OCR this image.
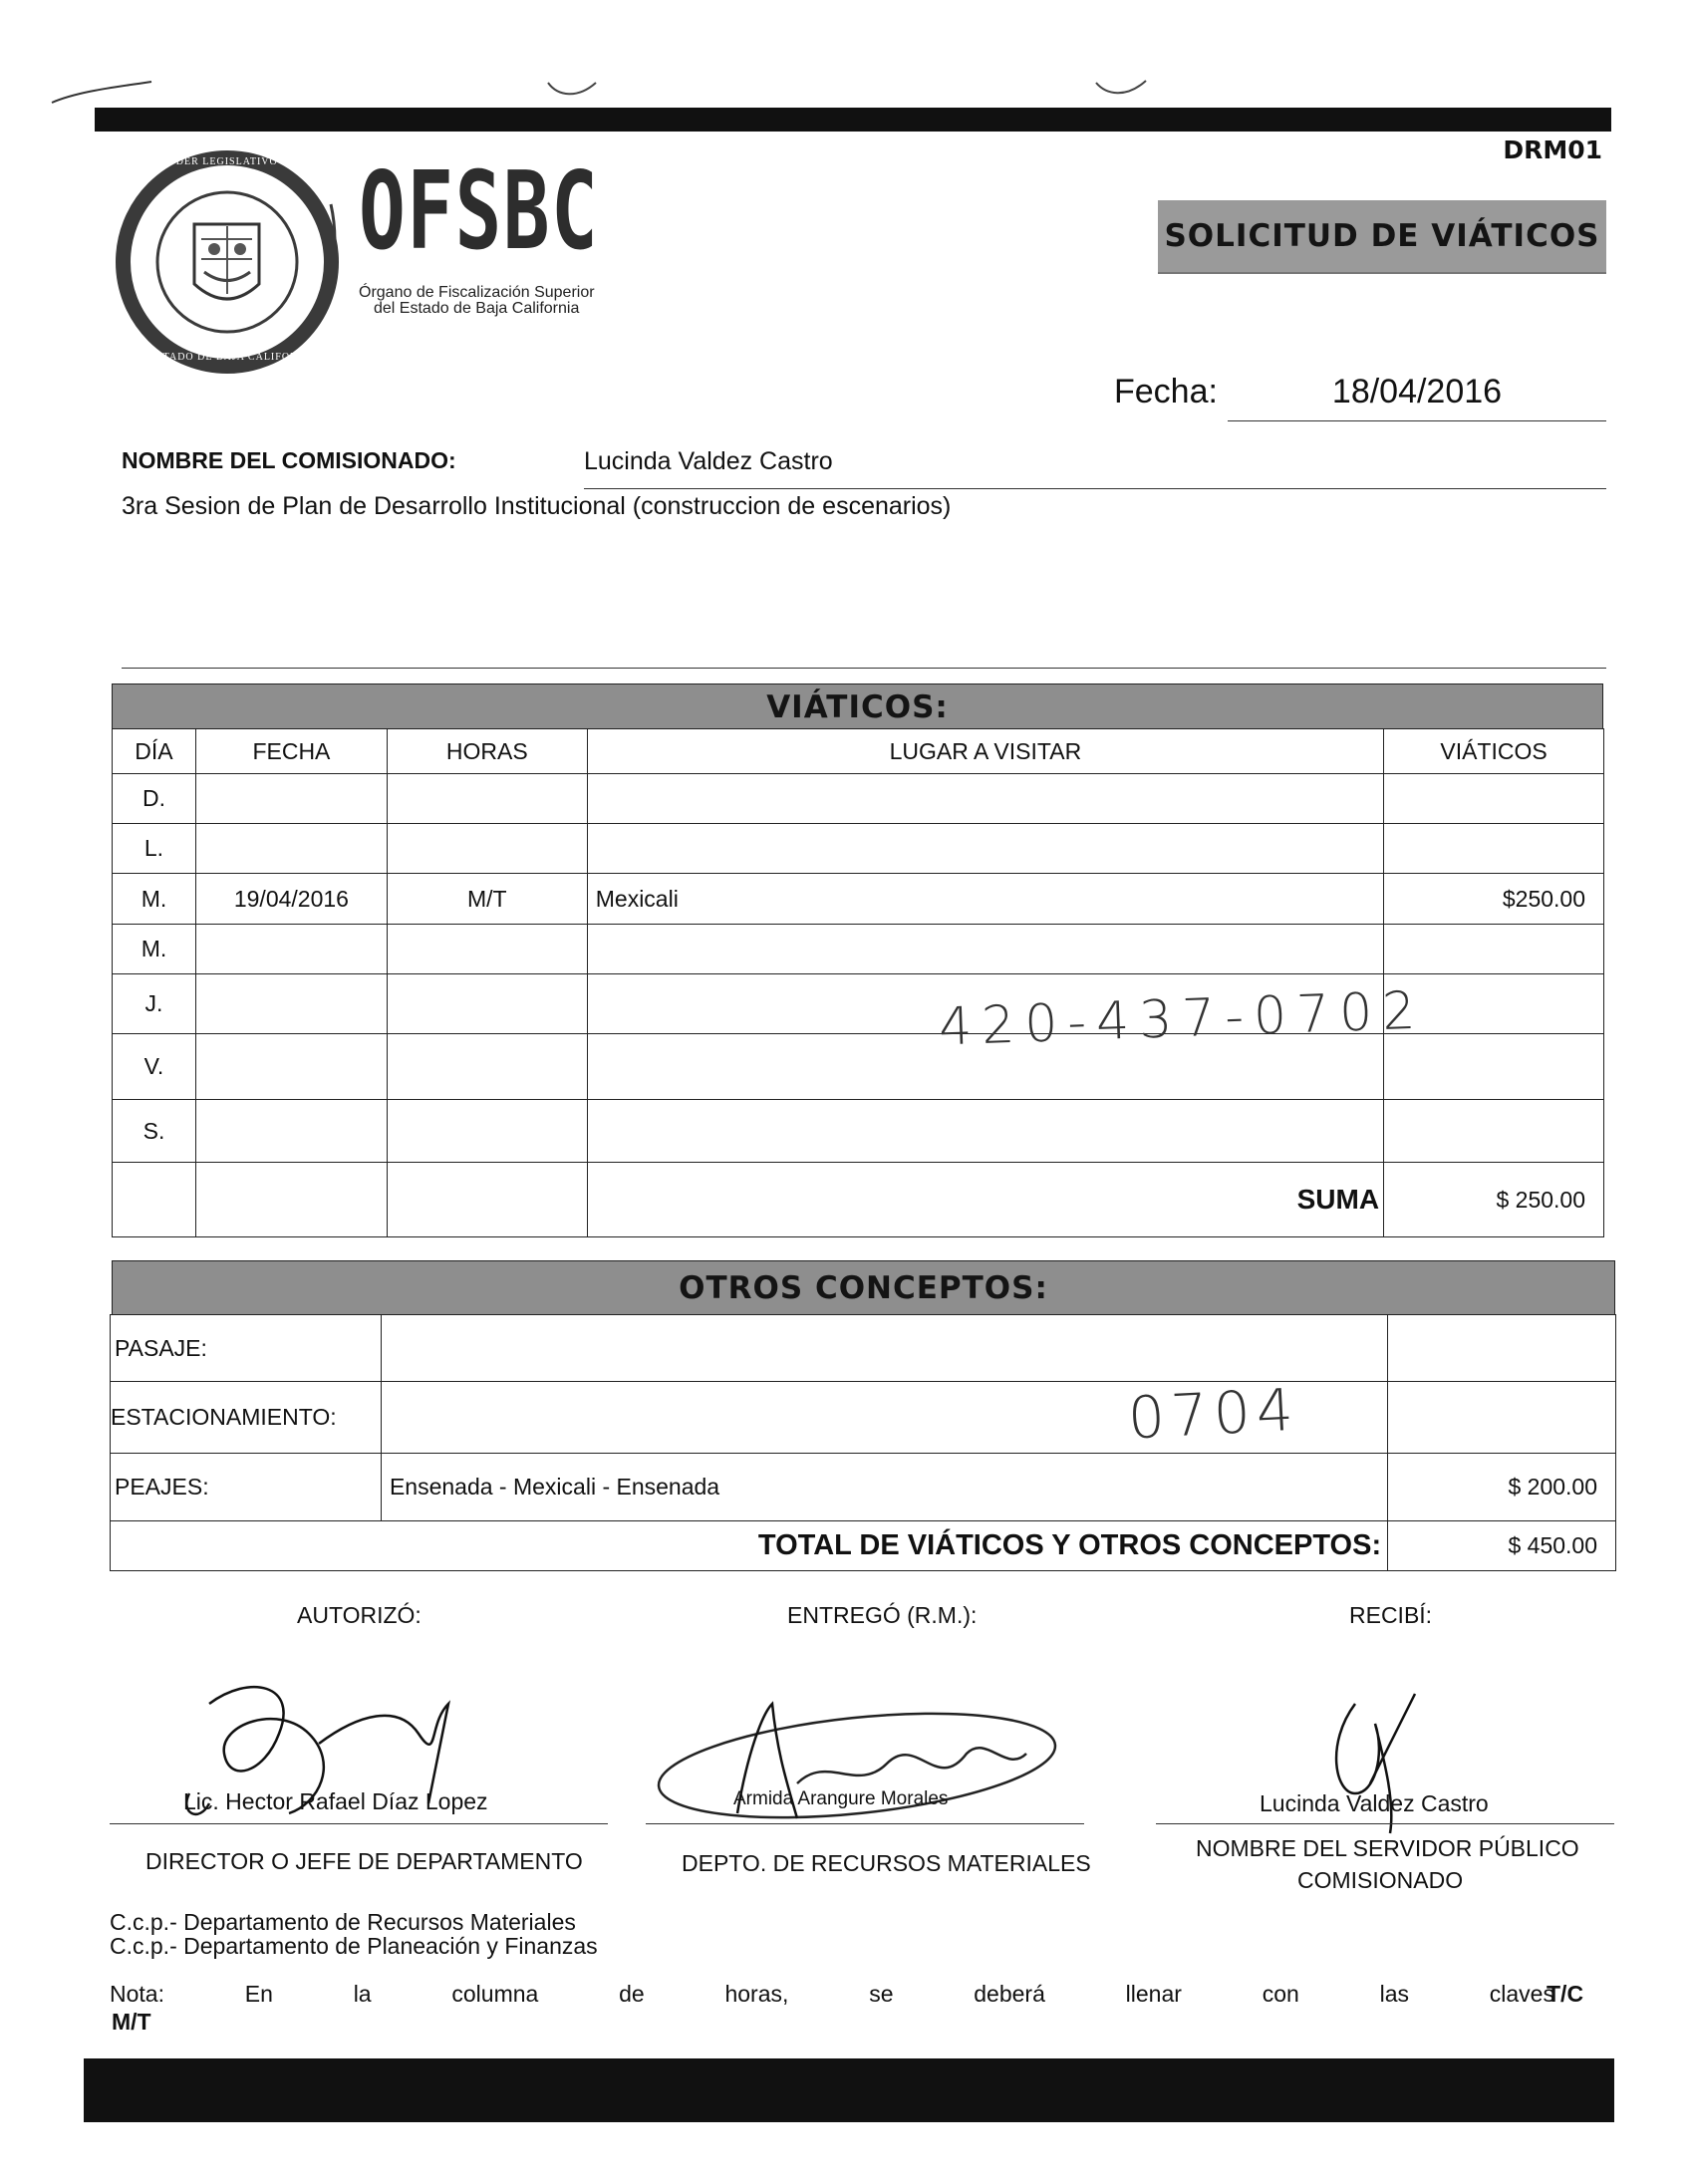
DRM01
PODER LEGISLATIVO DEL
ESTADO DE BAJA CALIFORNIA
OFSBC
Órgano de Fiscalización Superior
del Estado de Baja California
SOLICITUD DE VIÁTICOS
Fecha:	18/04/2016
NOMBRE DEL COMISIONADO:	Lucinda Valdez Castro
3ra Sesion de Plan de Desarrollo Institucional (construccion de escenarios)
VIÁTICOS:
DÍA	FECHA	HORAS	LUGAR A VISITAR	VIÁTICOS
D.				
L.				
M.	19/04/2016	M/T	Mexicali	$250.00
M.				
J.				
V.				
S.				
			SUMA	$ 250.00
420-437-0702
OTROS CONCEPTOS:
PASAJE:		
ESTACIONAMIENTO:		
PEAJES:	Ensenada - Mexicali - Ensenada	$ 200.00
TOTAL DE VIÁTICOS Y OTROS CONCEPTOS:		$ 450.00
0704
AUTORIZÓ:	ENTREGÓ (R.M.):	RECIBÍ:
Lic. Hector Rafael Díaz Lopez
DIRECTOR O JEFE DE DEPARTAMENTO
Armida Arangure Morales
DEPTO. DE RECURSOS MATERIALES
Lucinda Valdez Castro
NOMBRE DEL SERVIDOR PÚBLICO
COMISIONADO
C.c.p.- Departamento de Recursos Materiales
C.c.p.- Departamento de Planeación y Finanzas
Nota:	En	la	columna	de	horas,	se	deberá	llenar	con	las	claves
T/C
M/T
